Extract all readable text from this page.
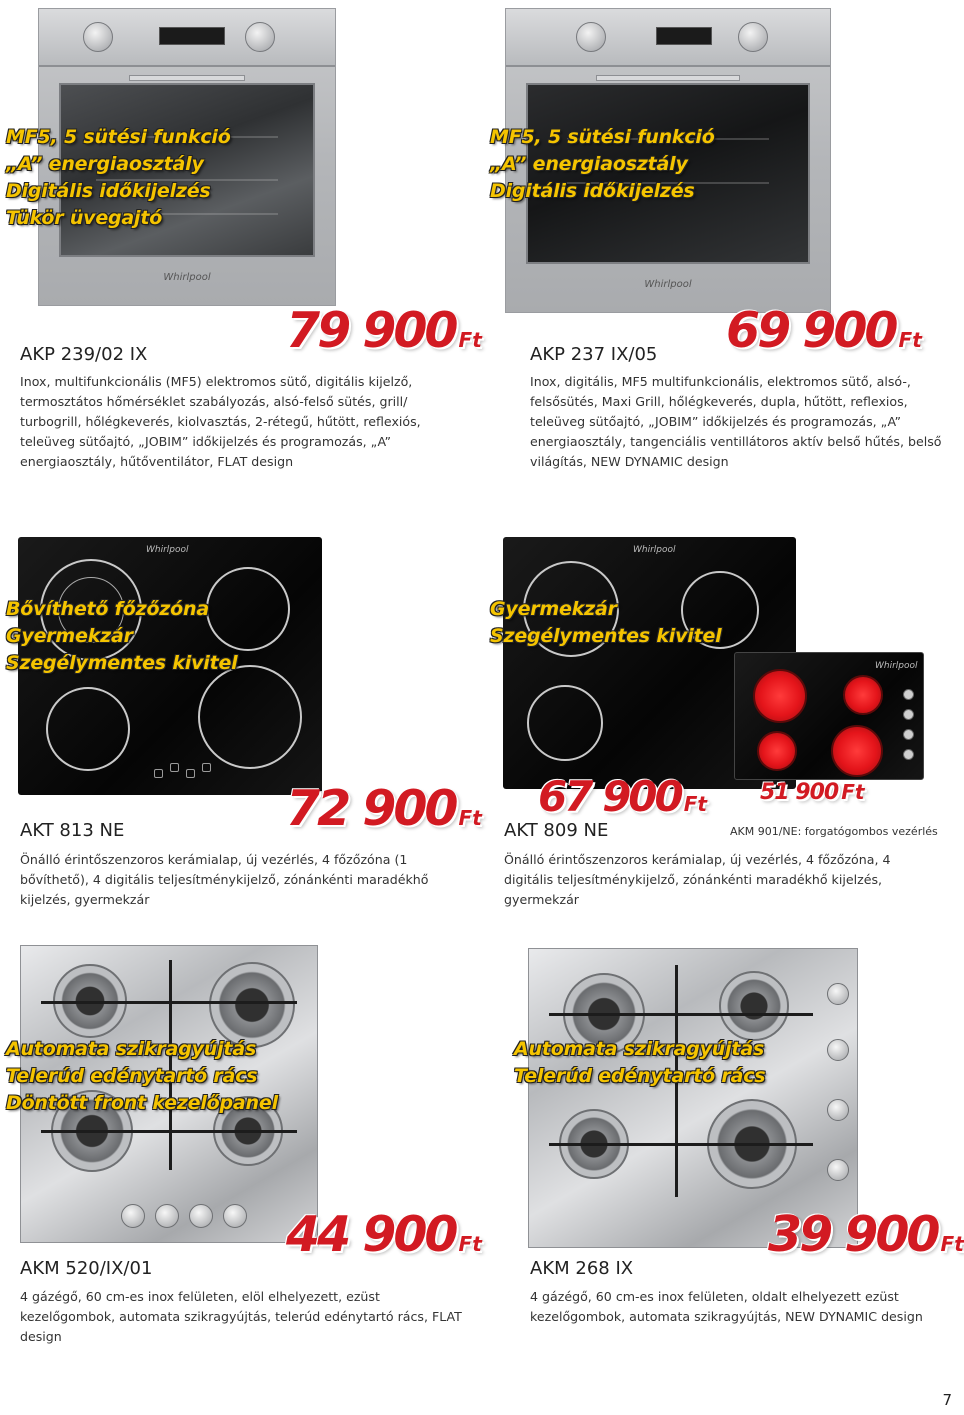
Whirlpool
MF5, 5 sütési funkció
„A” energiaosztály
Digitális időkijelzés
Tükör üvegajtó
79 900 Ft
AKP 239/02 IX
Inox, multifunkcionális (MF5) elektromos sütő, digitális kijelző, termosztátos hőmérséklet szabályozás, alsó-felső sütés, grill/ turbogrill, hőlégkeverés, kiolvasztás, 2-rétegű, hűtött, reflexiós, teleüveg sütőajtó, „JOBIM” időkijelzés és programozás, „A” energiaosztály, hűtőventilátor, FLAT design
Whirlpool
MF5, 5 sütési funkció
„A” energiaosztály
Digitális időkijelzés
69 900 Ft
AKP 237 IX/05
Inox, digitális, MF5 multifunkcionális, elektromos sütő, alsó-, felsősütés, Maxi Grill, hőlégkeverés, dupla, hűtött, reflexios, teleüveg sütőajtó, „JOBIM” időkijelzés és programozás, „A” energiaosztály, tangenciális ventillátoros aktív belső hűtés, belső világítás, NEW DYNAMIC design
Whirlpool
Bővíthető főzőzóna
Gyermekzár
Szegélymentes kivitel
72 900 Ft
AKT 813 NE
Önálló érintőszenzoros kerámialap, új vezérlés, 4 főzőzóna (1 bővíthető), 4 digitális teljesítménykijelző, zónánkénti maradékhő kijelzés, gyermekzár
Whirlpool
Whirlpool
Gyermekzár
Szegélymentes kivitel
67 900 Ft 51 900 Ft
AKM 901/NE: forgatógombos vezérlés
AKT 809 NE
Önálló érintőszenzoros kerámialap, új vezérlés, 4 főzőzóna, 4 digitális teljesítménykijelző, zónánkénti maradékhő kijelzés, gyermekzár
Automata szikragyújtás
Telerúd edénytartó rács
Döntött front kezelőpanel
44 900 Ft
AKM 520/IX/01
4 gázégő, 60 cm-es inox felületen, elöl elhelyezett, ezüst kezelőgombok, automata szikragyújtás, telerúd edénytartó rács, FLAT design
Automata szikragyújtás
Telerúd edénytartó rács
39 900 Ft
AKM 268 IX
4 gázégő, 60 cm-es inox felületen, oldalt elhelyezett ezüst kezelőgombok, automata szikragyújtás, NEW DYNAMIC design
7
